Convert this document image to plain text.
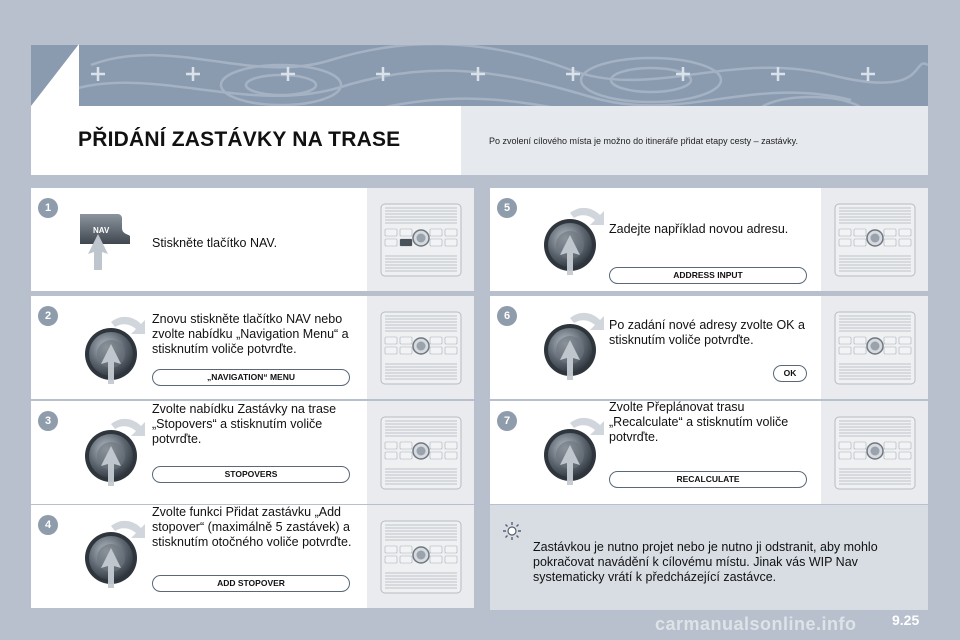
PŘIDÁNÍ ZASTÁVKY NA TRASE	Po zvolení cílového místa je možno do itineráře přidat etapy cesty – zastávky.
1
Stiskněte tlačítko NAV.
NAV
2	Znovu stiskněte tlačítko NAV nebo
zvolte nabídku „Navigation Menu“ a
stisknutím voliče potvrďte.
„NAVIGATION“ MENU
3
Zvolte nabídku Zastávky na trase
„Stopovers“ a stisknutím voliče
potvrďte.
STOPOVERS
4
Zvolte funkci Přidat zastávku „Add
stopover“ (maximálně 5 zastávek) a
stisknutím otočného voliče potvrďte.
ADD STOPOVER
5
Zadejte například novou adresu.
ADDRESS INPUT
6
Po zadání nové adresy zvolte OK a
stisknutím voliče potvrďte.
OK
7
Zvolte Přeplánovat trasu
„Recalculate“ a stisknutím voliče
potvrďte.
RECALCULATE
Zastávkou je nutno projet nebo je nutno ji odstranit, aby mohlo
pokračovat navádění k cílovému místu. Jinak vás WIP Nav
systematicky vrátí k předcházející zastávce.
carmanualsonline.info	9.25
